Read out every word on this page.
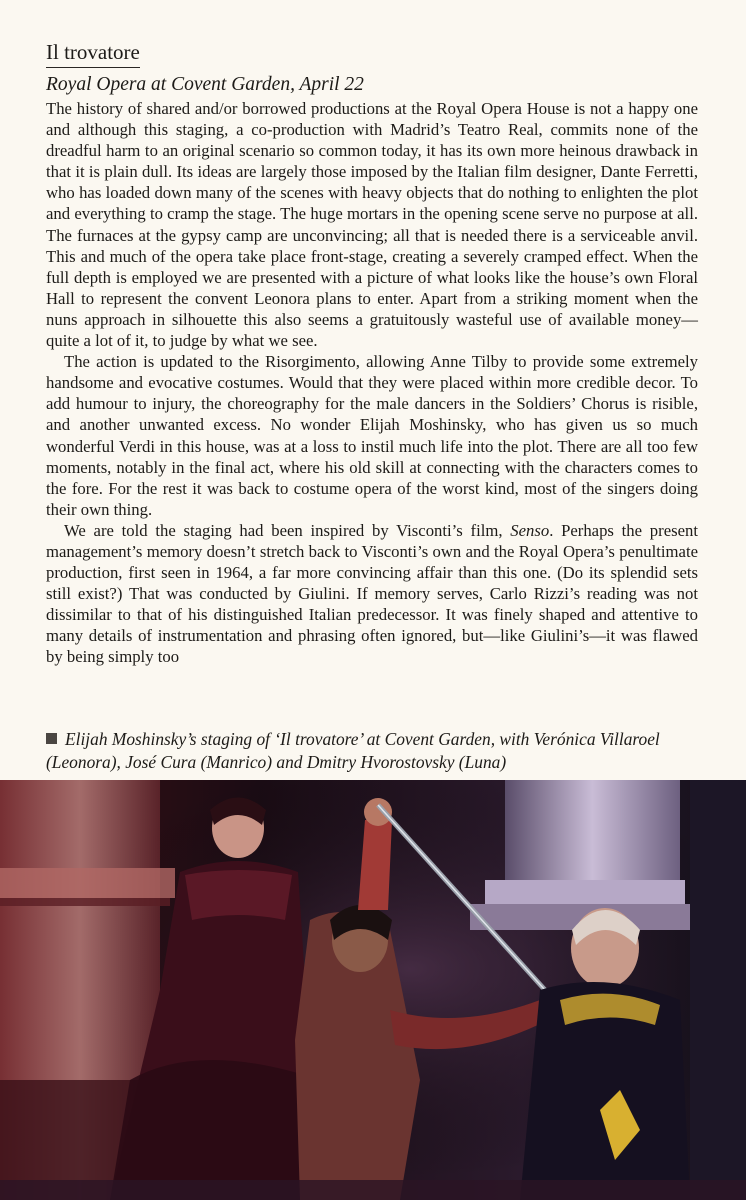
Il trovatore
Royal Opera at Covent Garden, April 22

The history of shared and/or borrowed productions at the Royal Opera House is not a happy one and although this staging, a co-production with Madrid’s Teatro Real, commits none of the dreadful harm to an original scenario so common today, it has its own more heinous drawback in that it is plain dull. Its ideas are largely those imposed by the Italian film designer, Dante Ferretti, who has loaded down many of the scenes with heavy objects that do nothing to enlighten the plot and everything to cramp the stage. The huge mortars in the opening scene serve no purpose at all. The furnaces at the gypsy camp are unconvincing; all that is needed there is a serviceable anvil. This and much of the opera take place front-stage, creating a severely cramped effect. When the full depth is employed we are presented with a picture of what looks like the house’s own Floral Hall to represent the convent Leonora plans to enter. Apart from a striking moment when the nuns approach in silhouette this also seems a gratuitously wasteful use of available money—quite a lot of it, to judge by what we see.

The action is updated to the Risorgimento, allowing Anne Tilby to provide some extremely handsome and evocative costumes. Would that they were placed within more credible decor. To add humour to injury, the choreography for the male dancers in the Soldiers’ Chorus is risible, and another unwanted excess. No wonder Elijah Moshinsky, who has given us so much wonderful Verdi in this house, was at a loss to instil much life into the plot. There are all too few moments, notably in the final act, where his old skill at connecting with the characters comes to the fore. For the rest it was back to costume opera of the worst kind, most of the singers doing their own thing.

We are told the staging had been inspired by Visconti’s film, Senso. Perhaps the present management’s memory doesn’t stretch back to Visconti’s own and the Royal Opera’s penultimate production, first seen in 1964, a far more convincing affair than this one. (Do its splendid sets still exist?) That was conducted by Giulini. If memory serves, Carlo Rizzi’s reading was not dissimilar to that of his distinguished Italian predecessor. It was finely shaped and attentive to many details of instrumentation and phrasing often ignored, but—like Giulini’s—it was flawed by being simply too

Elijah Moshinsky’s staging of ‘Il trovatore’ at Covent Garden, with Verónica Villaroel (Leonora), José Cura (Manrico) and Dmitry Hvorostovsky (Luna)
